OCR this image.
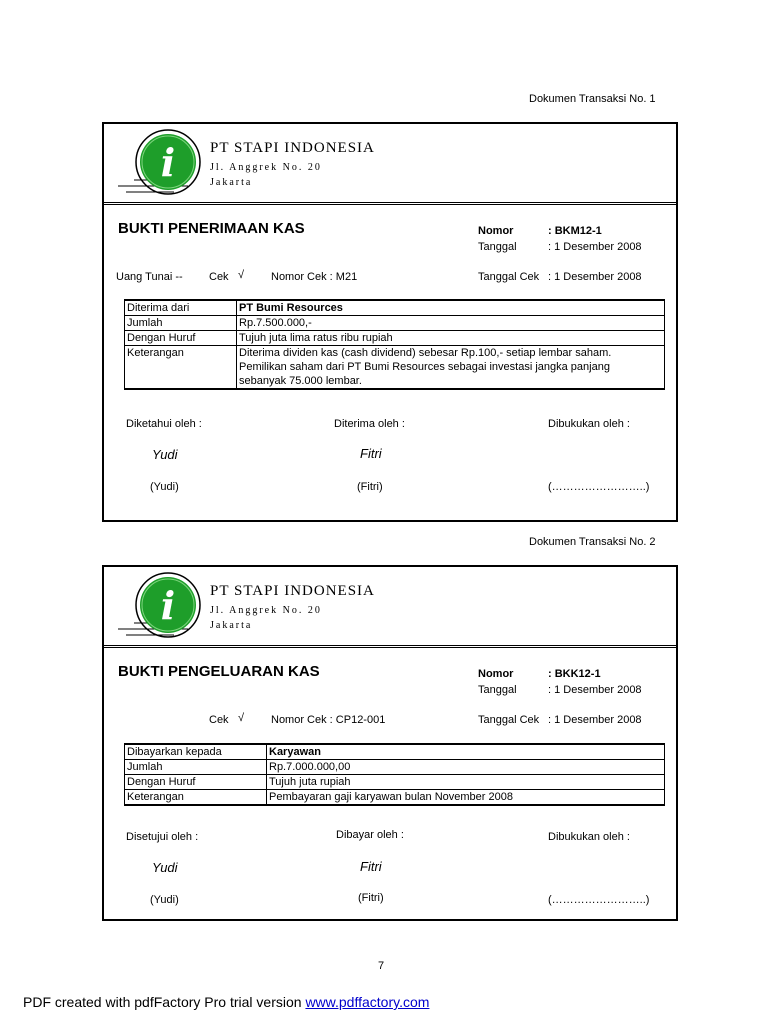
Dokumen Transaksi No. 1
i PT STAPI INDONESIA
Jl. Anggrek No. 20
Jakarta
BUKTI PENERIMAAN KAS	Nomor	: BKM12-1
Tanggal	: 1 Desember 2008
Uang Tunai -- Cek √ Nomor Cek : M21	Tanggal Cek : 1 Desember 2008
Diterima dari	PT Bumi Resources
Jumlah	Rp.7.500.000,-
Dengan Huruf	Tujuh juta lima ratus ribu rupiah
Keterangan	Diterima dividen kas (cash dividend) sebesar Rp.100,- setiap lembar saham.
Pemilikan saham dari PT Bumi Resources sebagai investasi jangka panjang
sebanyak 75.000 lembar.
Diketahui oleh :
Yudi
(Yudi)
Diterima oleh :
Fitri
(Fitri)
Dibukukan oleh :
(……………………..)
Dokumen Transaksi No. 2
i PT STAPI INDONESIA
Jl. Anggrek No. 20
Jakarta
BUKTI PENGELUARAN KAS	Nomor	: BKK12-1
Tanggal	: 1 Desember 2008
Cek √ Nomor Cek : CP12-001	Tanggal Cek : 1 Desember 2008
Dibayarkan kepada	Karyawan
Jumlah	Rp.7.000.000,00
Dengan Huruf	Tujuh juta rupiah
Keterangan	Pembayaran gaji karyawan bulan November 2008
Disetujui oleh :
Yudi
(Yudi)
Dibayar oleh :
Fitri
(Fitri)
Dibukukan oleh :
(……………………..)
7
PDF created with pdfFactory Pro trial version www.pdffactory.com
